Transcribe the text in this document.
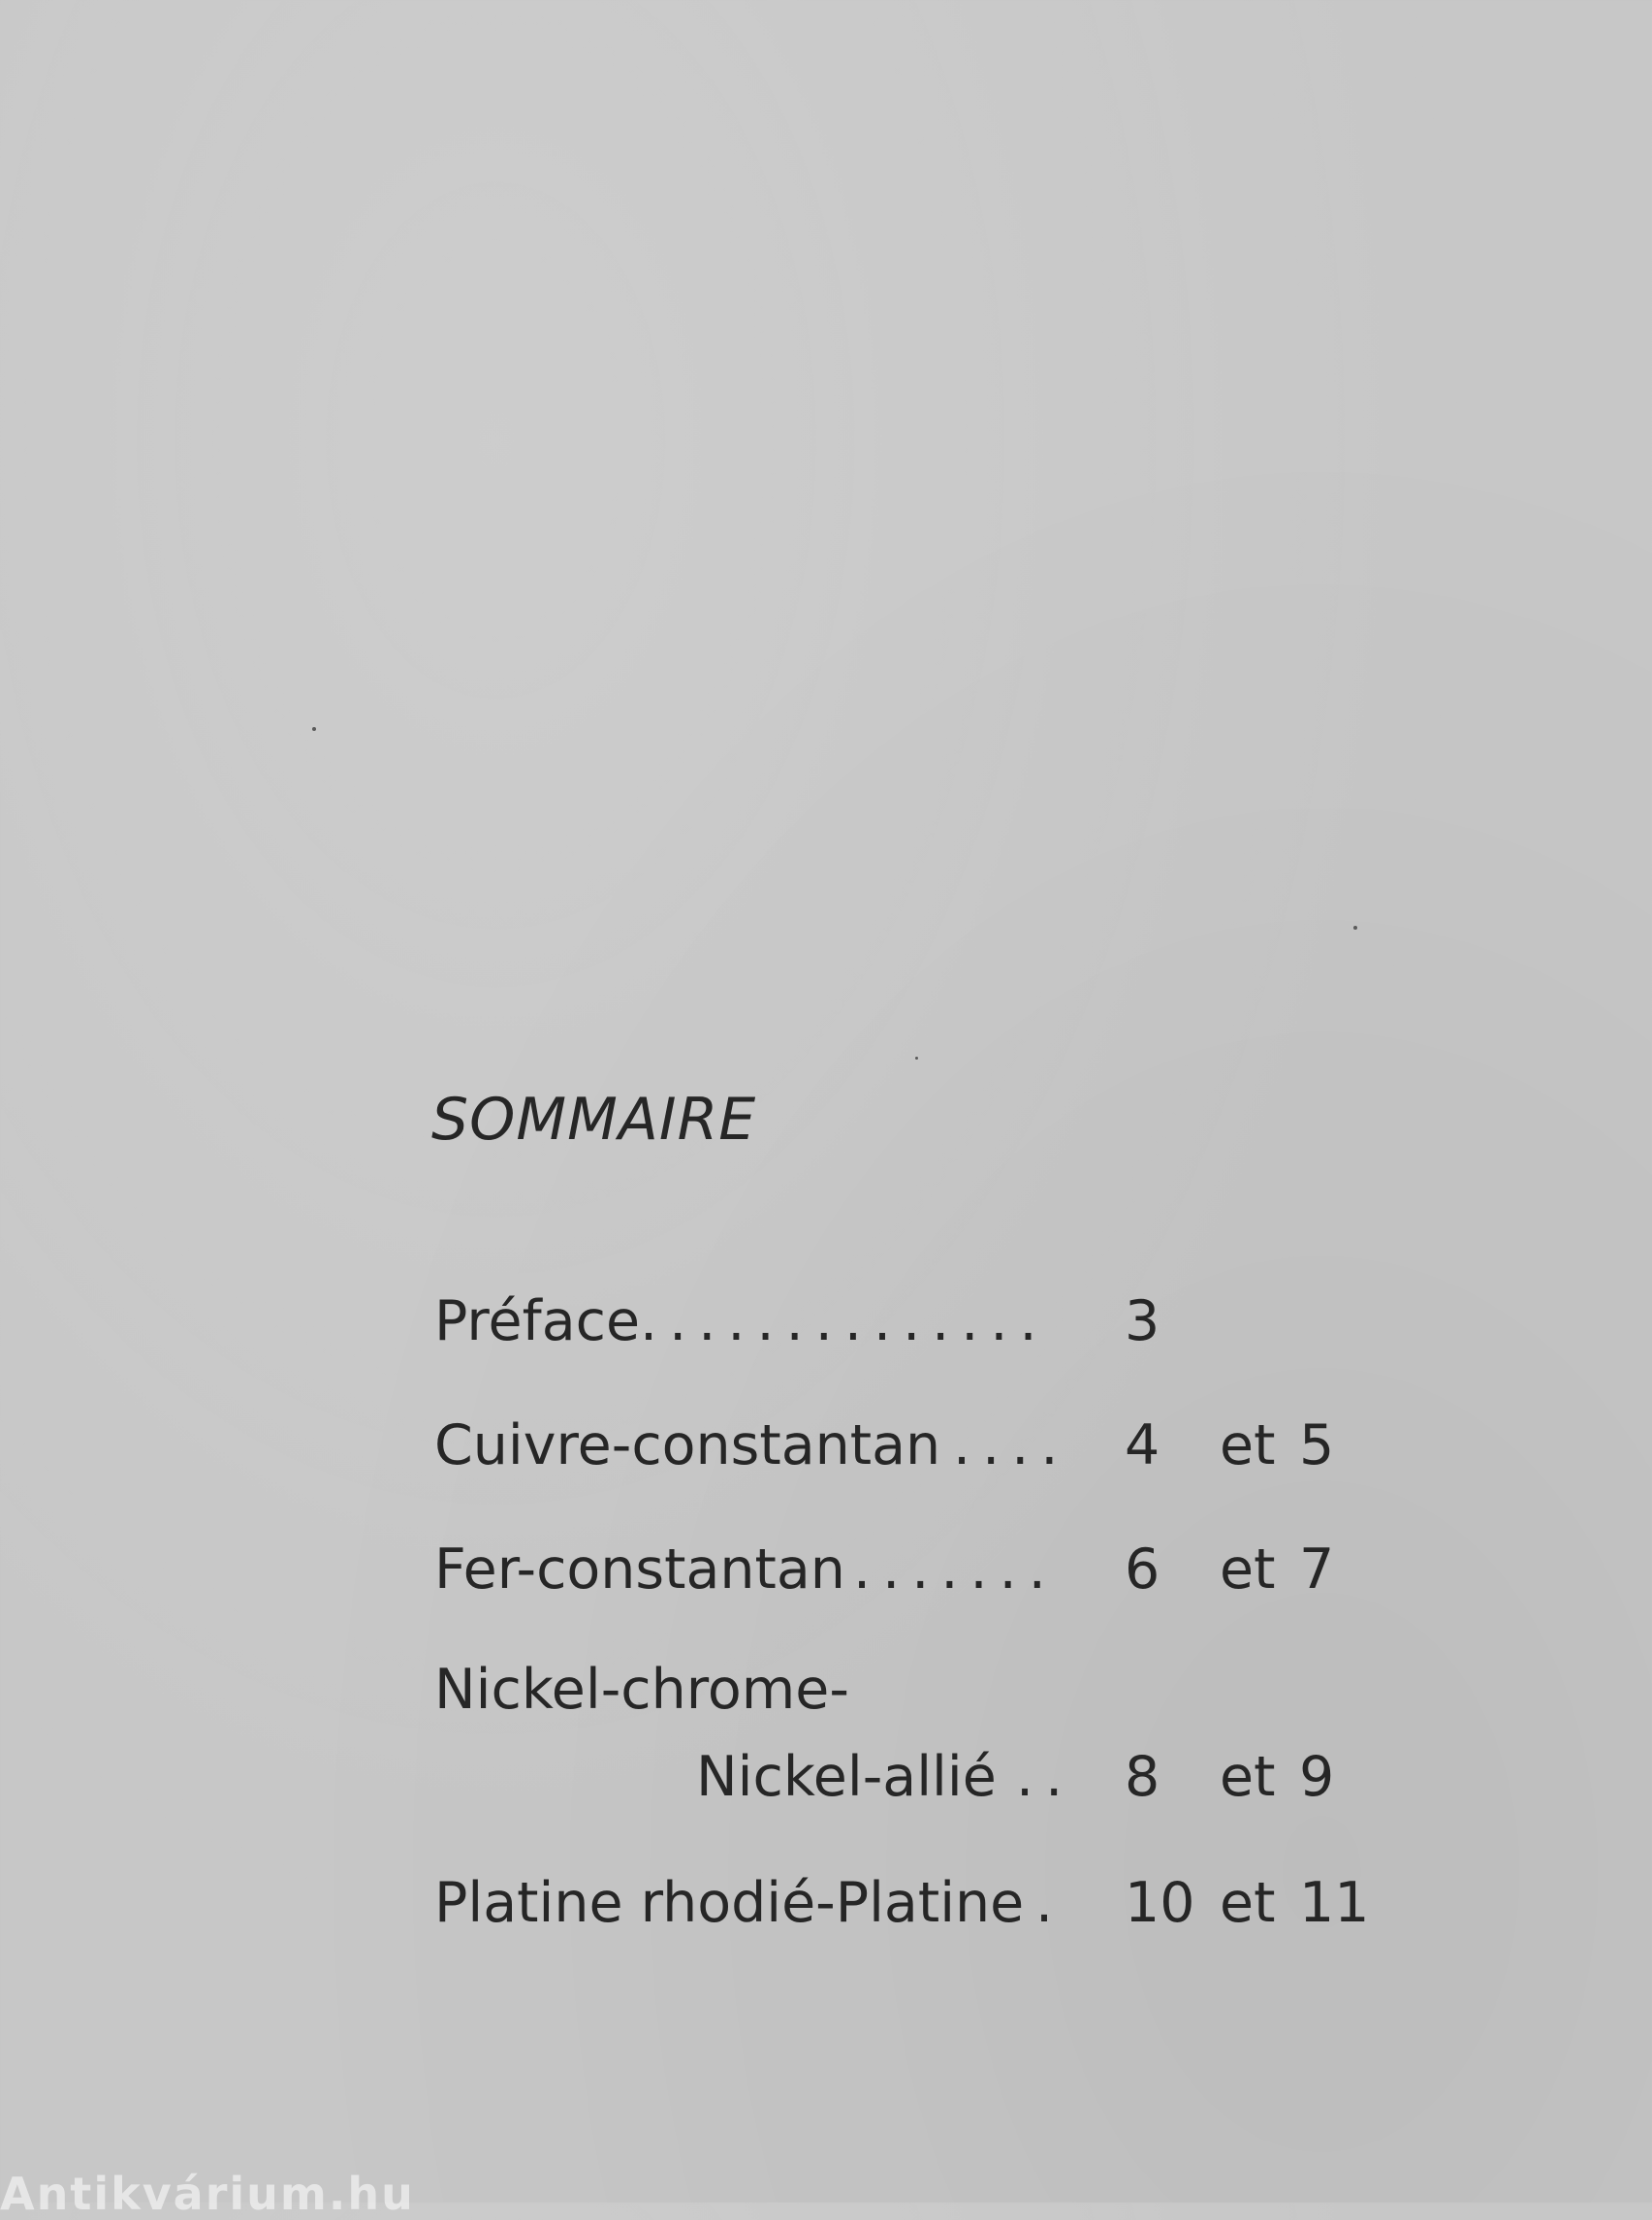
SOMMAIRE
Préface .............. 3
Cuivre-constantan .... 4 et 5
Fer-constantan ....... 6 et 7
Nickel-chrome-
Nickel-allié .. 8 et 9
Platine rhodié-Platine . 10 et 11
Antikvárium.hu
